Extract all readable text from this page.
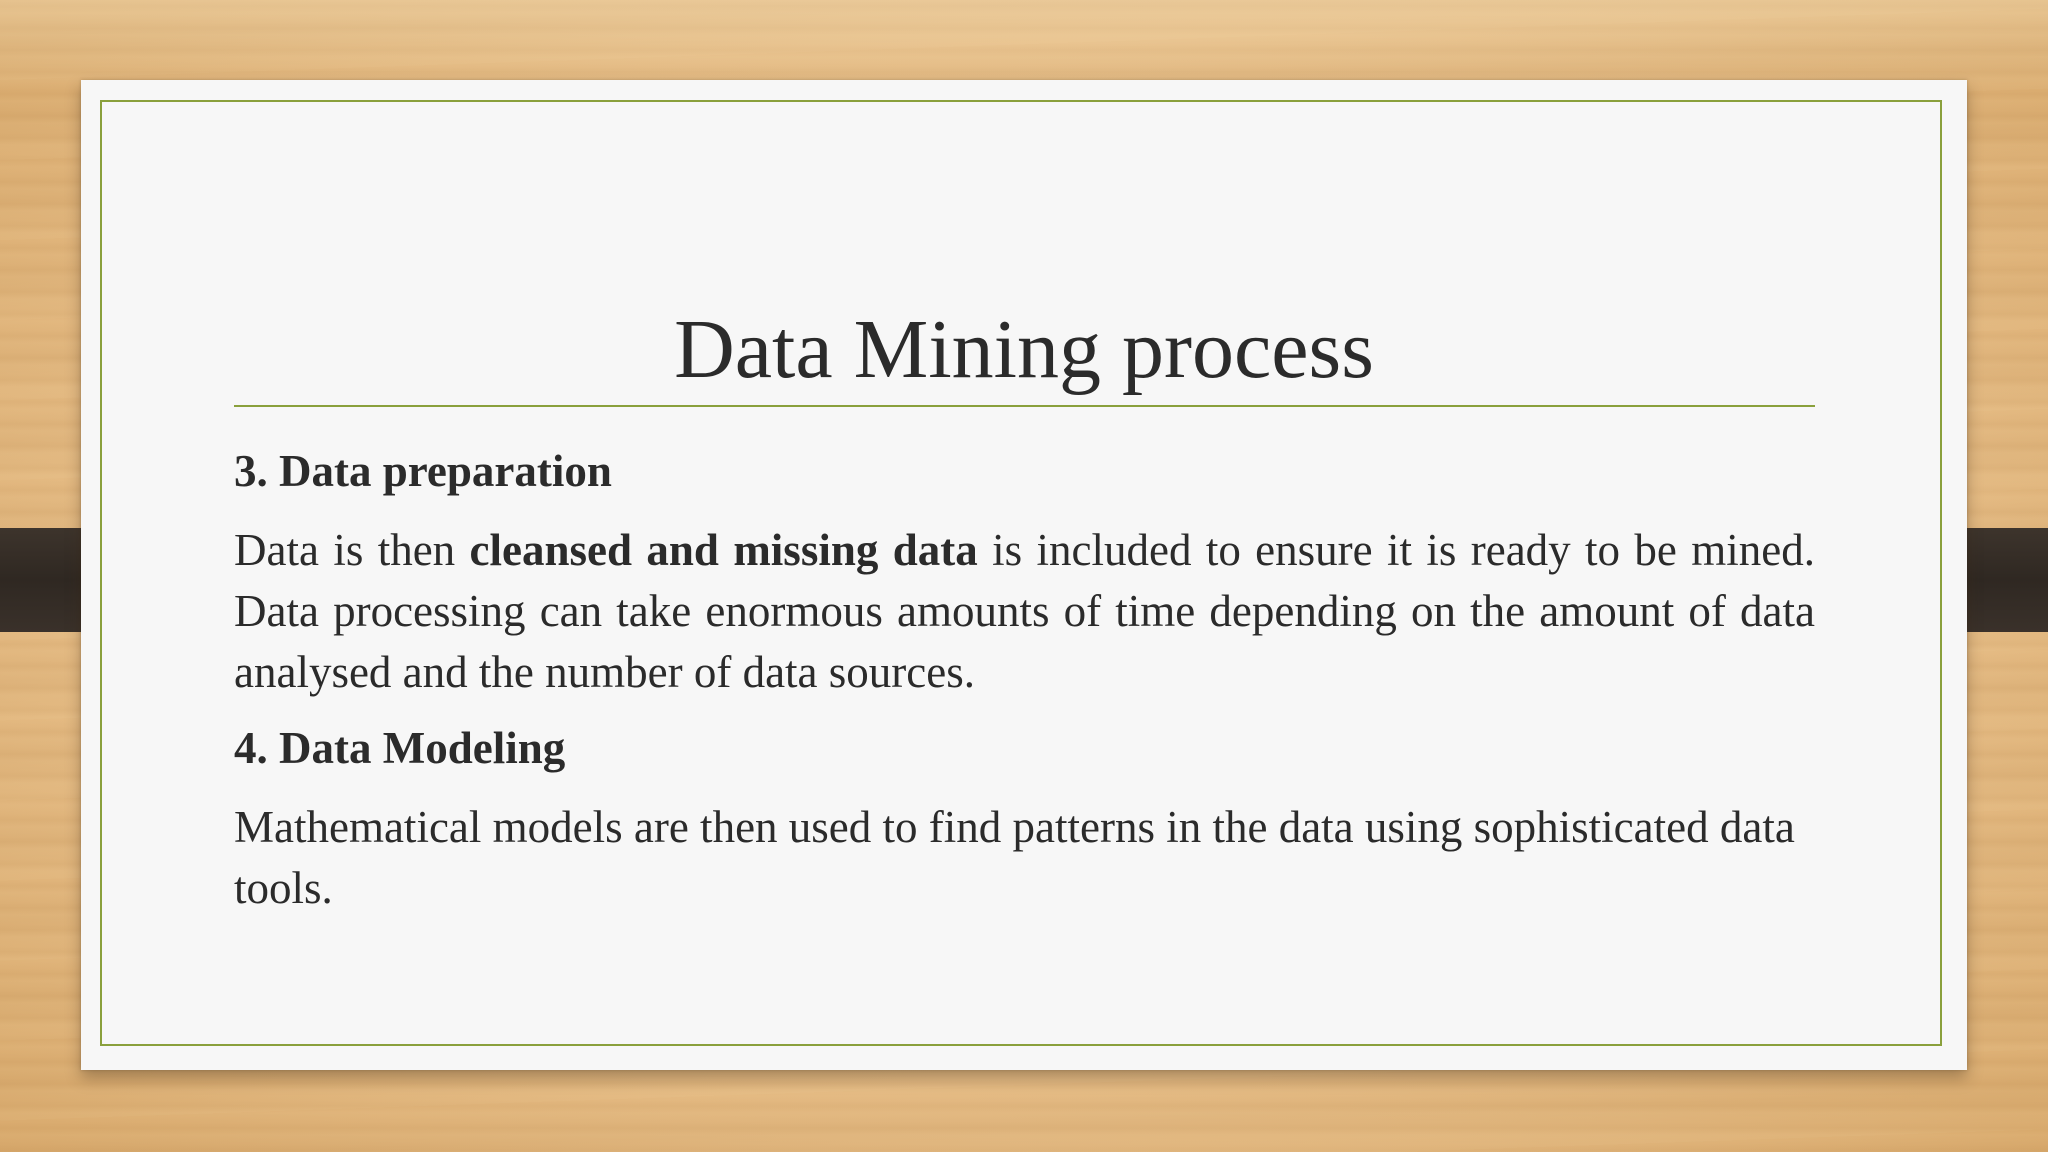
Data Mining process
3. Data preparation

Data is then cleansed and missing data is included to ensure it is ready to be mined. Data processing can take enormous amounts of time depending on the amount of data analysed and the number of data sources.

4. Data Modeling

Mathematical models are then used to find patterns in the data using sophisticated data tools.
